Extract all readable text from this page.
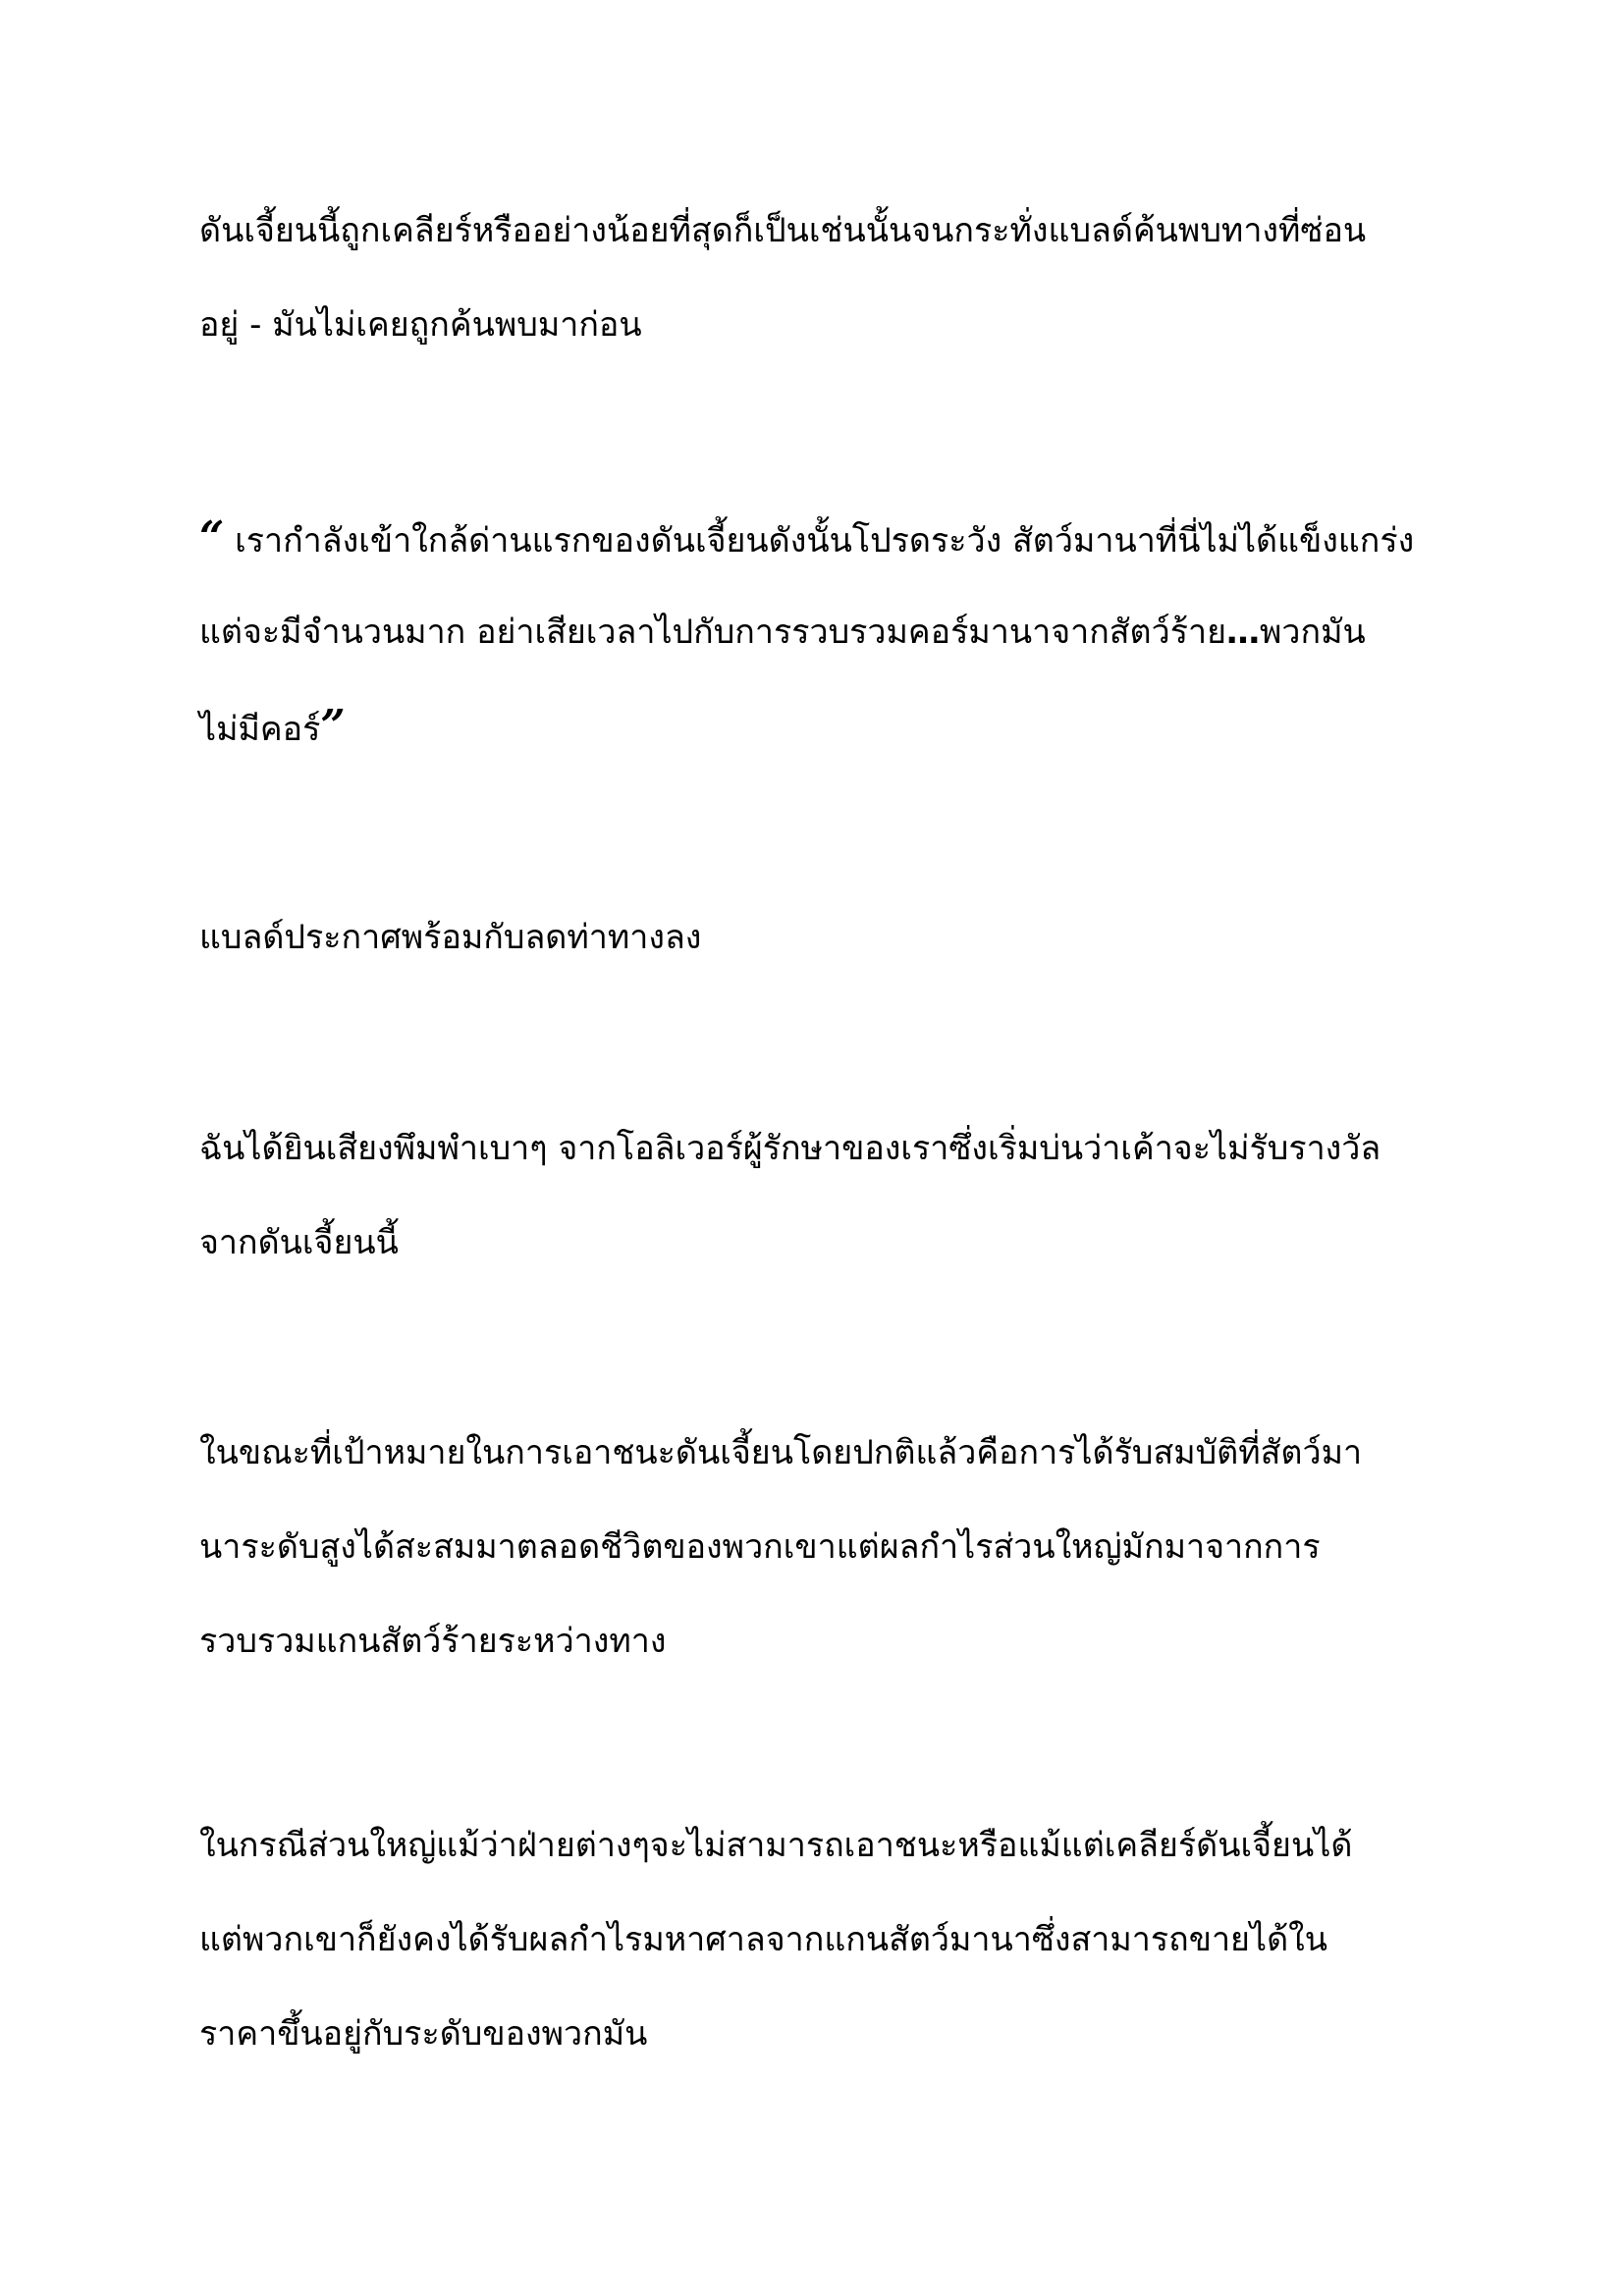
ดันเจี้ยนนี้ถูกเคลียร์หรืออย่างน้อยที่สุดก็เป็นเช่นนั้นจนกระทั่งแบลด์ค้นพบทางที่ซ่อน
อยู่ - มันไม่เคยถูกค้นพบมาก่อน

“ เรากำลังเข้าใกล้ด่านแรกของดันเจี้ยนดังนั้นโปรดระวัง สัตว์มานาที่นี่ไม่ได้แข็งแกร่ง
แต่จะมีจำนวนมาก อย่าเสียเวลาไปกับการรวบรวมคอร์มานาจากสัตว์ร้าย…พวกมัน
ไม่มีคอร์”

แบลด์ประกาศพร้อมกับลดท่าทางลง

ฉันได้ยินเสียงพึมพำเบาๆ จากโอลิเวอร์ผู้รักษาของเราซึ่งเริ่มบ่นว่าเค้าจะไม่รับรางวัล
จากดันเจี้ยนนี้

ในขณะที่เป้าหมายในการเอาชนะดันเจี้ยนโดยปกติแล้วคือการได้รับสมบัติที่สัตว์มา
นาระดับสูงได้สะสมมาตลอดชีวิตของพวกเขาแต่ผลกำไรส่วนใหญ่มักมาจากการ
รวบรวมแกนสัตว์ร้ายระหว่างทาง

ในกรณีส่วนใหญ่แม้ว่าฝ่ายต่างๆจะไม่สามารถเอาชนะหรือแม้แต่เคลียร์ดันเจี้ยนได้
แต่พวกเขาก็ยังคงได้รับผลกำไรมหาศาลจากแกนสัตว์มานาซึ่งสามารถขายได้ใน
ราคาขึ้นอยู่กับระดับของพวกมัน
